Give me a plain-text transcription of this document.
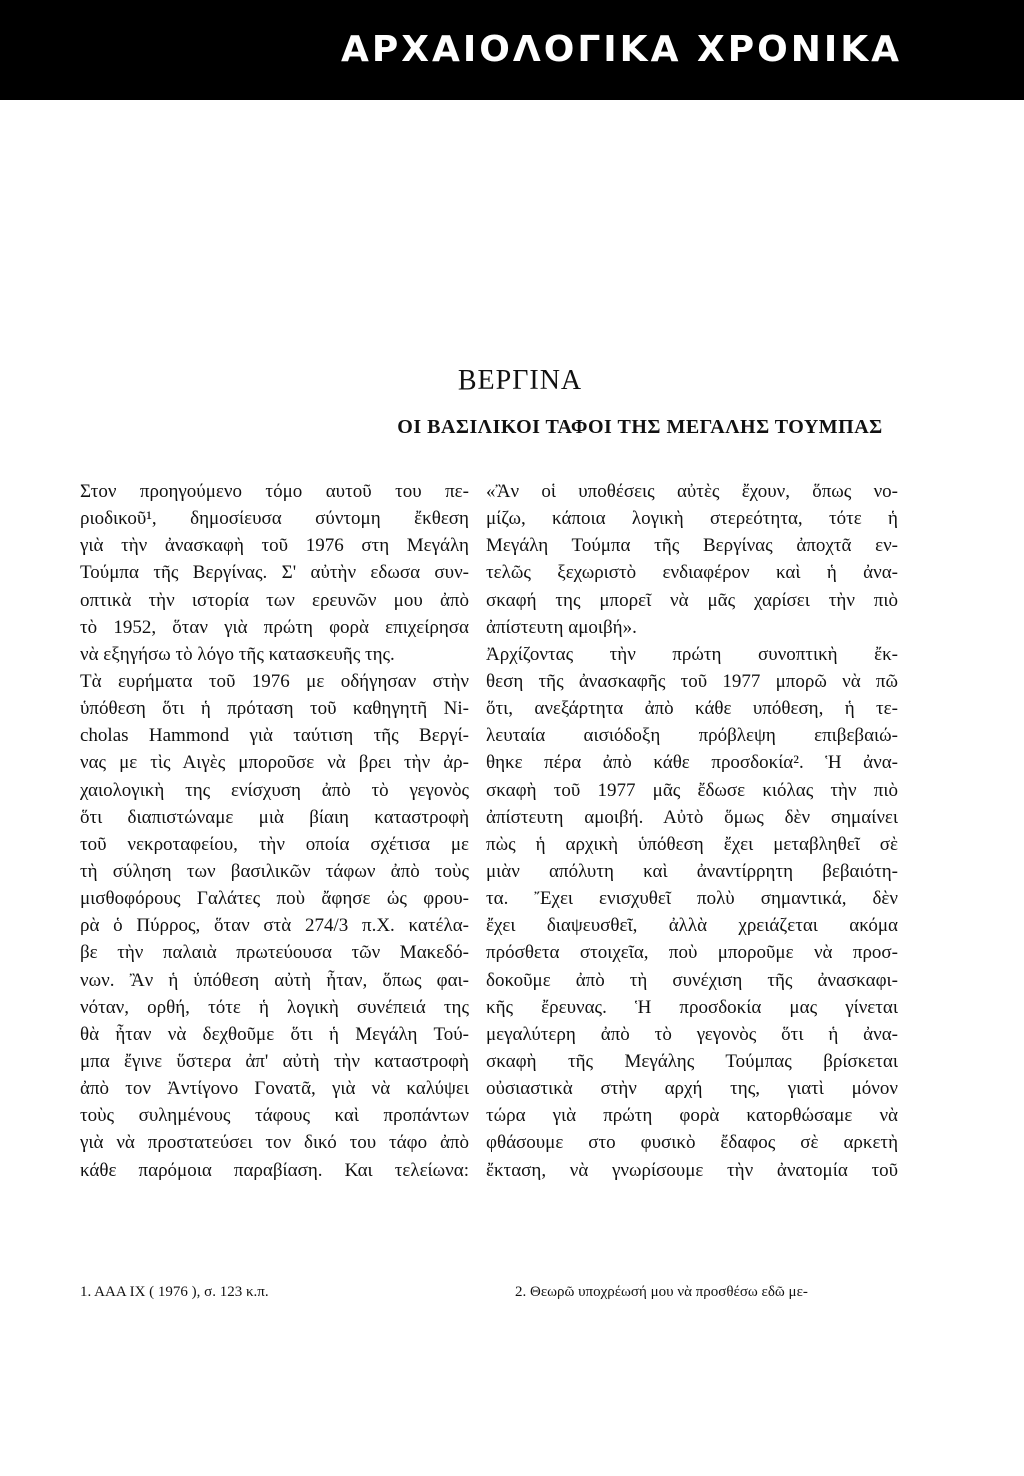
ΑΡΧΑΙΟΛΟΓΙΚΑ ΧΡΟΝΙΚΑ
ΒΕΡΓΙΝΑ
ΟΙ ΒΑΣΙΛΙΚΟΙ ΤΑΦΟΙ ΤΗΣ ΜΕΓΑΛΗΣ ΤΟΥΜΠΑΣ
Στον προηγούμενο τόμο αυτοῦ του πε-
ριοδικοῦ¹, δημοσίευσα σύντομη ἔκθεση
γιὰ τὴν ἀνασκαφὴ τοῦ 1976 στη Μεγάλη
Τούμπα τῆς Βεργίνας. Σ' αὐτὴν εδωσα συν-
οπτικὰ τὴν ιστορία των ερευνῶν μου ἀπὸ
τὸ 1952, ὅταν γιὰ πρώτη φορὰ επιχείρησα
νὰ εξηγήσω τὸ λόγο τῆς κατασκευῆς της.
Τὰ ευρήματα τοῦ 1976 με οδήγησαν στὴν
ὑπόθεση ὅτι ἡ πρόταση τοῦ καθηγητῆ Ni-
cholas Hammond γιὰ ταύτιση τῆς Βεργί-
νας με τὶς Αιγὲς μποροῦσε νὰ βρει τὴν ἀρ-
χαιολογικὴ της ενίσχυση ἀπὸ τὸ γεγονὸς
ὅτι διαπιστώναμε μιὰ βίαιη καταστροφὴ
τοῦ νεκροταφείου, τὴν οποία σχέτισα με
τὴ σύληση των βασιλικῶν τάφων ἀπὸ τοὺς
μισθοφόρους Γαλάτες ποὺ ἄφησε ὡς φρου-
ρὰ ὁ Πύρρος, ὅταν στὰ 274/3 π.Χ. κατέλα-
βε τὴν παλαιὰ πρωτεύουσα τῶν Μακεδό-
νων. Ἂν ἡ ὑπόθεση αὐτὴ ἦταν, ὅπως φαι-
νόταν, ορθή, τότε ἡ λογικὴ συνέπειά της
θὰ ἦταν νὰ δεχθοῦμε ὅτι ἡ Μεγάλη Τού-
μπα ἔγινε ὕστερα ἀπ' αὐτὴ τὴν καταστροφὴ
ἀπὸ τον Ἀντίγονο Γονατᾶ, γιὰ νὰ καλύψει
τοὺς συλημένους τάφους καὶ προπάντων
γιὰ νὰ προστατεύσει τον δικό του τάφο ἀπὸ
κάθε παρόμοια παραβίαση. Και τελείωνα:
«Ἂν οἱ υποθέσεις αὐτὲς ἔχουν, ὅπως νο-
μίζω, κάποια λογικὴ στερεότητα, τότε ἡ
Μεγάλη Τούμπα τῆς Βεργίνας ἀποχτᾶ εν-
τελῶς ξεχωριστὸ ενδιαφέρον καὶ ἡ ἀνα-
σκαφή της μπορεῖ νὰ μᾶς χαρίσει τὴν πιὸ
ἀπίστευτη αμοιβή».
Ἀρχίζοντας τὴν πρώτη συνοπτικὴ ἔκ-
θεση τῆς ἀνασκαφῆς τοῦ 1977 μπορῶ νὰ πῶ
ὅτι, ανεξάρτητα ἀπὸ κάθε υπόθεση, ἡ τε-
λευταία αισιόδοξη πρόβλεψη επιβεβαιώ-
θηκε πέρα ἀπὸ κάθε προσδοκία². Ἡ ἀνα-
σκαφὴ τοῦ 1977 μᾶς ἔδωσε κιόλας τὴν πιὸ
ἀπίστευτη αμοιβή. Αὐτὸ ὅμως δὲν σημαίνει
πὼς ἡ αρχικὴ ὑπόθεση ἔχει μεταβληθεῖ σὲ
μιὰν απόλυτη καὶ ἀναντίρρητη βεβαιότη-
τα. Ἔχει ενισχυθεῖ πολὺ σημαντικά, δὲν
ἔχει διαψευσθεῖ, ἀλλὰ χρειάζεται ακόμα
πρόσθετα στοιχεῖα, ποὺ μποροῦμε νὰ προσ-
δοκοῦμε ἀπὸ τὴ συνέχιση τῆς ἀνασκαφι-
κῆς ἔρευνας. Ἡ προσδοκία μας γίνεται
μεγαλύτερη ἀπὸ τὸ γεγονὸς ὅτι ἡ ἀνα-
σκαφὴ τῆς Μεγάλης Τούμπας βρίσκεται
οὐσιαστικὰ στὴν αρχή της, γιατὶ μόνον
τώρα γιὰ πρώτη φορὰ κατορθώσαμε νὰ
φθάσουμε στο φυσικὸ ἔδαφος σὲ αρκετὴ
ἔκταση, νὰ γνωρίσουμε τὴν ἀνατομία τοῦ
1. ΑΑΑ IX ( 1976 ), σ. 123 κ.π.	2. Θεωρῶ υποχρέωσή μου νὰ προσθέσω εδῶ με-
